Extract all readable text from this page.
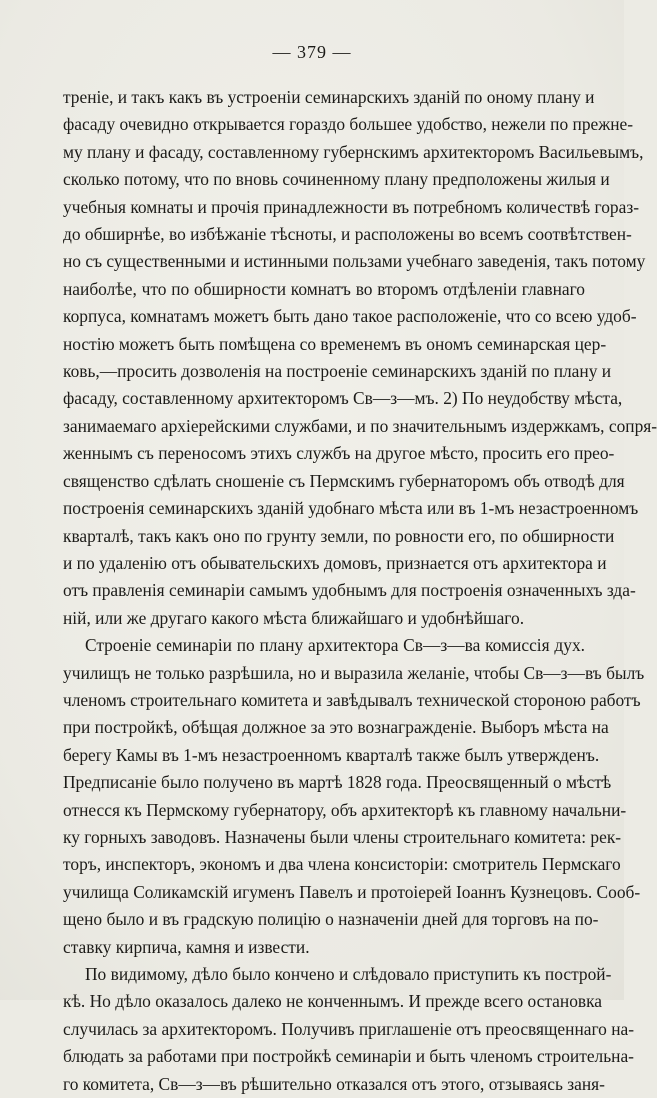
— 379 —
треніе, и такъ какъ въ устроеніи семинарскихъ зданій по оному плану и
фасаду очевидно открывается гораздо большее удобство, нежели по прежне-
му плану и фасаду, составленному губернскимъ архитекторомъ Васильевымъ,
сколько потому, что по вновь сочиненному плану предположены жилыя и
учебныя комнаты и прочія принадлежности въ потребномъ количествѣ гораз-
до обширнѣе, во избѣжаніе тѣсноты, и расположены во всемъ соотвѣтствен-
но съ существенными и истинными пользами учебнаго заведенія, такъ потому
наиболѣе, что по обширности комнатъ во второмъ отдѣленіи главнаго
корпуса, комнатамъ можетъ быть дано такое расположеніе, что со всею удоб-
ностію можетъ быть помѣщена со временемъ въ ономъ семинарская цер-
ковь,—просить дозволенія на построеніе семинарскихъ зданій по плану и
фасаду, составленному архитекторомъ Св—з—мъ. 2) По неудобству мѣста,
занимаемаго архіерейскими службами, и по значительнымъ издержкамъ, сопря-
женнымъ съ переносомъ этихъ службъ на другое мѣсто, просить его прео-
священство сдѣлать сношеніе съ Пермскимъ губернаторомъ объ отводѣ для
построенія семинарскихъ зданій удобнаго мѣста или въ 1-мъ незастроенномъ
кварталѣ, такъ какъ оно по грунту земли, по ровности его, по обширности
и по удаленію отъ обывательскихъ домовъ, признается отъ архитектора и
отъ правленія семинаріи самымъ удобнымъ для построенія означенныхъ зда-
ній, или же другаго какого мѣста ближайшаго и удобнѣйшаго.
Строеніе семинаріи по плану архитектора Св—з—ва комиссія дух.
училищъ не только разрѣшила, но и выразила желаніе, чтобы Св—з—въ былъ
членомъ строительнаго комитета и завѣдывалъ технической стороною работъ
при постройкѣ, обѣщая должное за это вознагражденіе. Выборъ мѣста на
берегу Камы въ 1-мъ незастроенномъ кварталѣ также былъ утвержденъ.
Предписаніе было получено въ мартѣ 1828 года. Преосвященный о мѣстѣ
отнесся къ Пермскому губернатору, объ архитекторѣ къ главному начальни-
ку горныхъ заводовъ. Назначены были члены строительнаго комитета: рек-
торъ, инспекторъ, экономъ и два члена консисторіи: смотритель Пермскаго
училища Соликамскій игуменъ Павелъ и протоіерей Іоаннъ Кузнецовъ. Сооб-
щено было и въ градскую полицію о назначеніи дней для торговъ на по-
ставку кирпича, камня и извести.
По видимому, дѣло было кончено и слѣдовало приступить къ построй-
кѣ. Но дѣло оказалось далеко не конченнымъ. И прежде всего остановка
случилась за архитекторомъ. Получивъ приглашеніе отъ преосвященнаго на-
блюдать за работами при постройкѣ семинаріи и быть членомъ строительна-
го комитета, Св—з—въ рѣшительно отказался отъ этого, отзываясь заня-
